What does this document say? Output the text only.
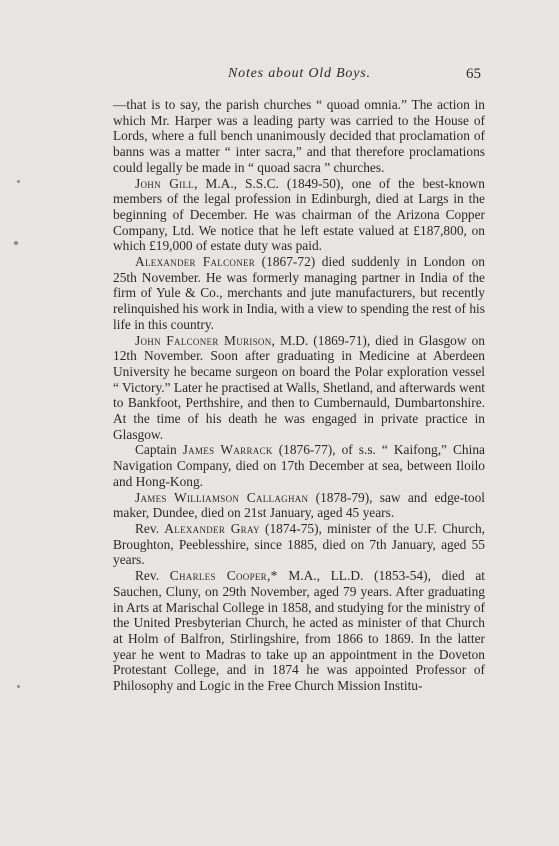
Notes about Old Boys.	65

—that is to say, the parish churches “ quoad omnia.” The action in which Mr. Harper was a leading party was carried to the House of Lords, where a full bench unanimously decided that proclamation of banns was a matter “ inter sacra,” and that therefore proclamations could legally be made in “ quoad sacra ” churches.

John Gill, M.A., S.S.C. (1849-50), one of the best-known members of the legal profession in Edinburgh, died at Largs in the beginning of December. He was chairman of the Arizona Copper Company, Ltd. We notice that he left estate valued at £187,800, on which £19,000 of estate duty was paid.

Alexander Falconer (1867-72) died suddenly in London on 25th November. He was formerly managing partner in India of the firm of Yule & Co., merchants and jute manufacturers, but recently relinquished his work in India, with a view to spending the rest of his life in this country.

John Falconer Murison, M.D. (1869-71), died in Glasgow on 12th November. Soon after graduating in Medicine at Aberdeen University he became surgeon on board the Polar exploration vessel “ Victory.” Later he practised at Walls, Shetland, and afterwards went to Bankfoot, Perthshire, and then to Cumbernauld, Dumbartonshire. At the time of his death he was engaged in private practice in Glasgow.

Captain James Warrack (1876-77), of s.s. “ Kaifong,” China Navigation Company, died on 17th December at sea, between Iloilo and Hong-Kong.

James Williamson Callaghan (1878-79), saw and edge-tool maker, Dundee, died on 21st January, aged 45 years.

Rev. Alexander Gray (1874-75), minister of the U.F. Church, Broughton, Peeblesshire, since 1885, died on 7th January, aged 55 years.

Rev. Charles Cooper,* M.A., LL.D. (1853-54), died at Sauchen, Cluny, on 29th November, aged 79 years. After graduating in Arts at Marischal College in 1858, and studying for the ministry of the United Presbyterian Church, he acted as minister of that Church at Holm of Balfron, Stirlingshire, from 1866 to 1869. In the latter year he went to Madras to take up an appointment in the Doveton Protestant College, and in 1874 he was appointed Professor of Philosophy and Logic in the Free Church Mission Institu-
